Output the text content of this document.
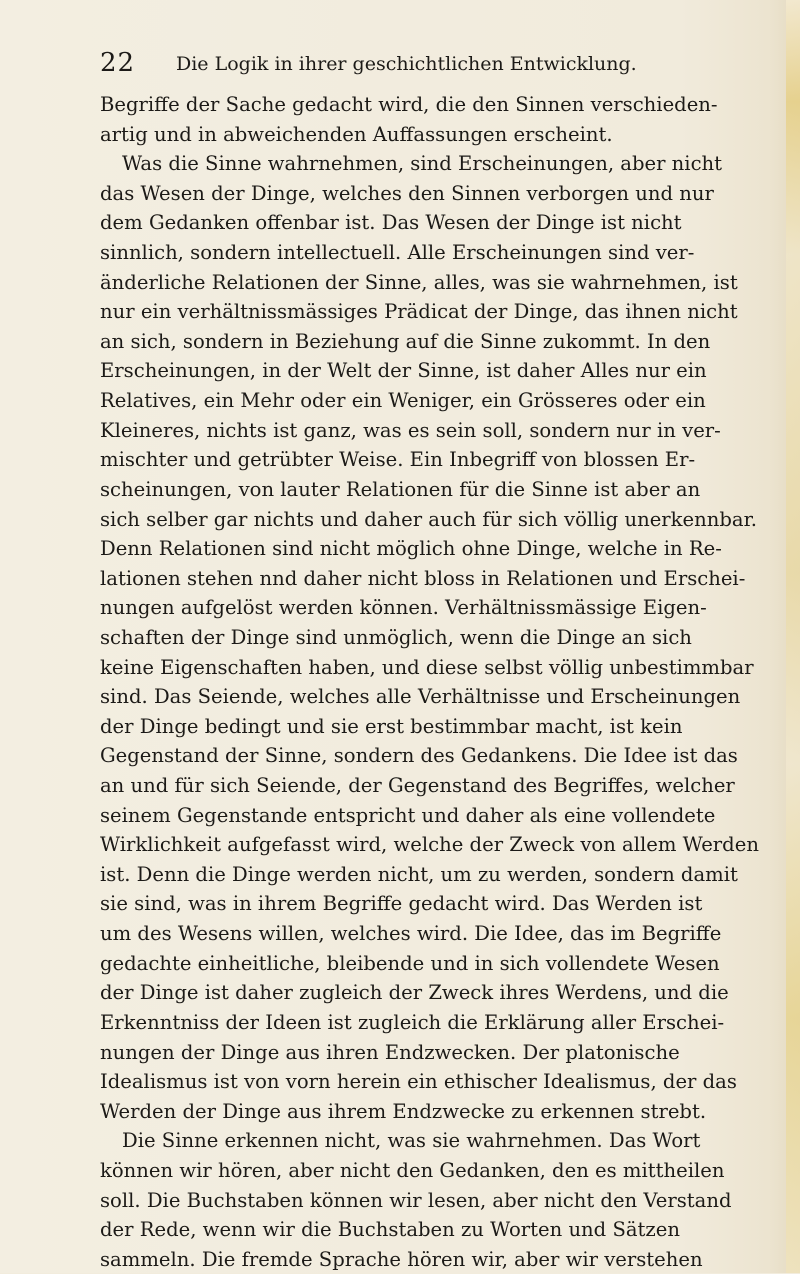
22 Die Logik in ihrer geschichtlichen Entwicklung.
Begriffe der Sache gedacht wird, die den Sinnen verschieden-
artig und in abweichenden Auffassungen erscheint.
Was die Sinne wahrnehmen, sind Erscheinungen, aber nicht
das Wesen der Dinge, welches den Sinnen verborgen und nur
dem Gedanken offenbar ist. Das Wesen der Dinge ist nicht
sinnlich, sondern intellectuell. Alle Erscheinungen sind ver-
änderliche Relationen der Sinne, alles, was sie wahrnehmen, ist
nur ein verhältnissmässiges Prädicat der Dinge, das ihnen nicht
an sich, sondern in Beziehung auf die Sinne zukommt. In den
Erscheinungen, in der Welt der Sinne, ist daher Alles nur ein
Relatives, ein Mehr oder ein Weniger, ein Grösseres oder ein
Kleineres, nichts ist ganz, was es sein soll, sondern nur in ver-
mischter und getrübter Weise. Ein Inbegriff von blossen Er-
scheinungen, von lauter Relationen für die Sinne ist aber an
sich selber gar nichts und daher auch für sich völlig unerkennbar.
Denn Relationen sind nicht möglich ohne Dinge, welche in Re-
lationen stehen nnd daher nicht bloss in Relationen und Erschei-
nungen aufgelöst werden können. Verhältnissmässige Eigen-
schaften der Dinge sind unmöglich, wenn die Dinge an sich
keine Eigenschaften haben, und diese selbst völlig unbestimmbar
sind. Das Seiende, welches alle Verhältnisse und Erscheinungen
der Dinge bedingt und sie erst bestimmbar macht, ist kein
Gegenstand der Sinne, sondern des Gedankens. Die Idee ist das
an und für sich Seiende, der Gegenstand des Begriffes, welcher
seinem Gegenstande entspricht und daher als eine vollendete
Wirklichkeit aufgefasst wird, welche der Zweck von allem Werden
ist. Denn die Dinge werden nicht, um zu werden, sondern damit
sie sind, was in ihrem Begriffe gedacht wird. Das Werden ist
um des Wesens willen, welches wird. Die Idee, das im Begriffe
gedachte einheitliche, bleibende und in sich vollendete Wesen
der Dinge ist daher zugleich der Zweck ihres Werdens, und die
Erkenntniss der Ideen ist zugleich die Erklärung aller Erschei-
nungen der Dinge aus ihren Endzwecken. Der platonische
Idealismus ist von vorn herein ein ethischer Idealismus, der das
Werden der Dinge aus ihrem Endzwecke zu erkennen strebt.
Die Sinne erkennen nicht, was sie wahrnehmen. Das Wort
können wir hören, aber nicht den Gedanken, den es mittheilen
soll. Die Buchstaben können wir lesen, aber nicht den Verstand
der Rede, wenn wir die Buchstaben zu Worten und Sätzen
sammeln. Die fremde Sprache hören wir, aber wir verstehen
